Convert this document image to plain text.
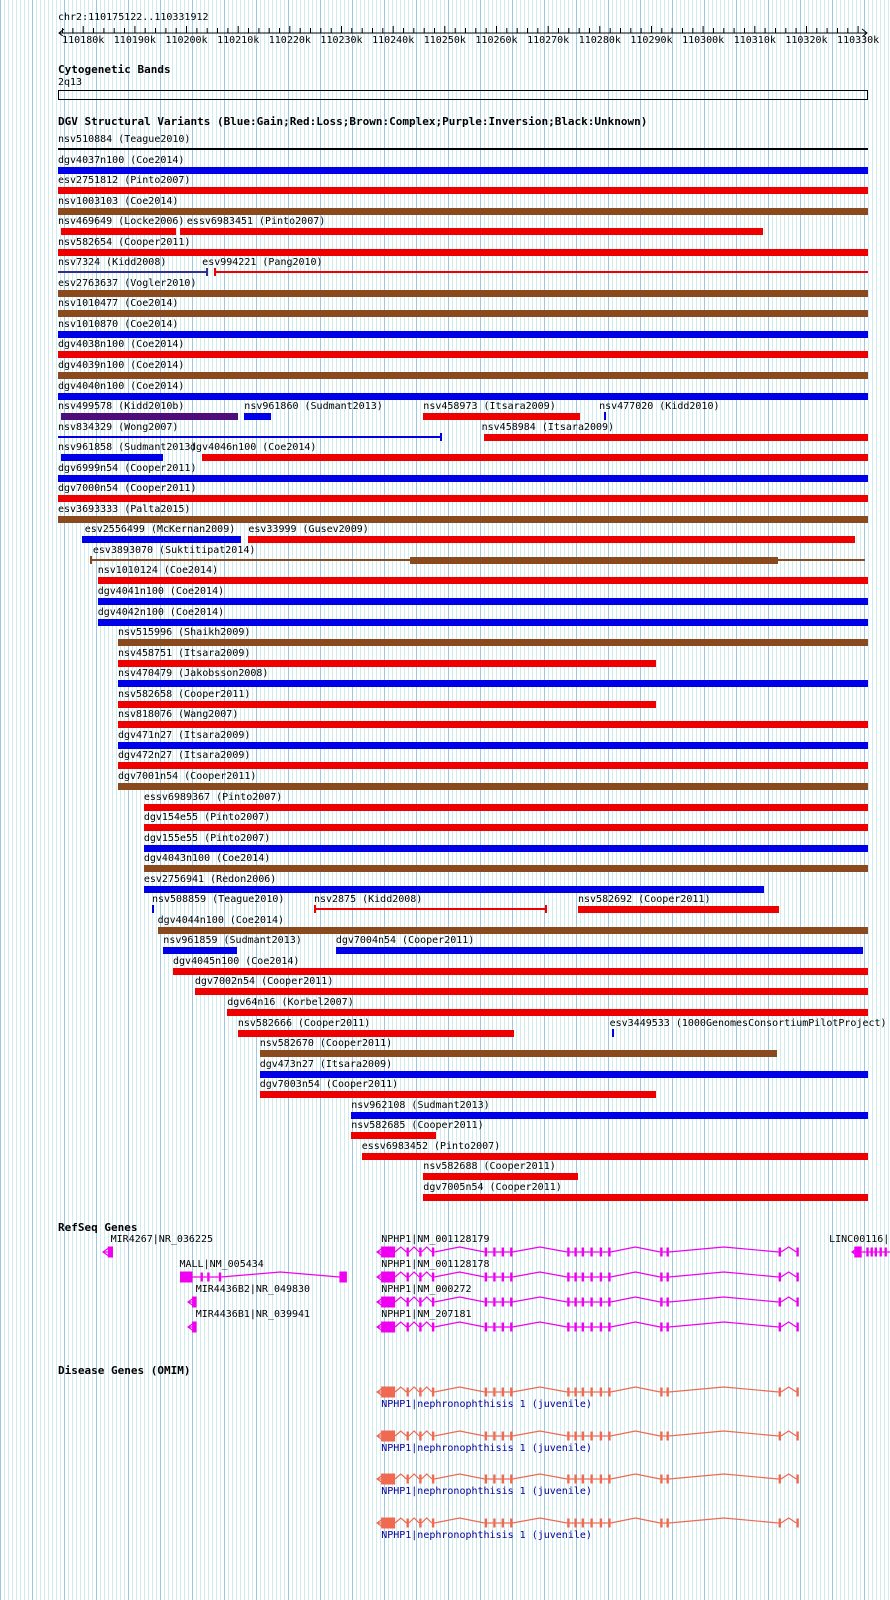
chr2:110175122..110331912
110180k 110190k 110200k 110210k 110220k 110230k 110240k 110250k 110260k 110270k 110280k 110290k 110300k 110310k 110320k 110330k
Cytogenetic Bands
2q13
DGV Structural Variants (Blue:Gain;Red:Loss;Brown:Complex;Purple:Inversion;Black:Unknown)
nsv510884 (Teague2010)
dgv4037n100 (Coe2014)
esv2751812 (Pinto2007)
nsv1003103 (Coe2014)
nsv469649 (Locke2006) essv6983451 (Pinto2007)
nsv582654 (Cooper2011)
nsv7324 (Kidd2008)	esv994221 (Pang2010)
esv2763637 (Vogler2010)
nsv1010477 (Coe2014)
nsv1010870 (Coe2014)
dgv4038n100 (Coe2014)
dgv4039n100 (Coe2014)
dgv4040n100 (Coe2014)
nsv499578 (Kidd2010b)	nsv961860 (Sudmant2013)	nsv458973 (Itsara2009)	nsv477020 (Kidd2010)
nsv834329 (Wong2007)	nsv458984 (Itsara2009)
nsv961858 (Sudmant2013)
dgv4046n100 (Coe2014)
dgv6999n54 (Cooper2011)
dgv7000n54 (Cooper2011)
esv3693333 (Palta2015)
esv2556499 (McKernan2009) esv33999 (Gusev2009)
esv3893070 (Suktitipat2014)
nsv1010124 (Coe2014)
dgv4041n100 (Coe2014)
dgv4042n100 (Coe2014)
nsv515996 (Shaikh2009)
nsv458751 (Itsara2009)
nsv470479 (Jakobsson2008)
nsv582658 (Cooper2011)
nsv818076 (Wang2007)
dgv471n27 (Itsara2009)
dgv472n27 (Itsara2009)
dgv7001n54 (Cooper2011)
essv6989367 (Pinto2007)
dgv154e55 (Pinto2007)
dgv155e55 (Pinto2007)
dgv4043n100 (Coe2014)
esv2756941 (Redon2006)
nsv508859 (Teague2010)	nsv2875 (Kidd2008)	nsv582692 (Cooper2011)
dgv4044n100 (Coe2014)
nsv961859 (Sudmant2013)	dgv7004n54 (Cooper2011)
dgv4045n100 (Coe2014)
dgv7002n54 (Cooper2011)
dgv64n16 (Korbel2007)
nsv582666 (Cooper2011)	esv3449533 (1000GenomesConsortiumPilotProject)
nsv582670 (Cooper2011)
dgv473n27 (Itsara2009)
dgv7003n54 (Cooper2011)
nsv962108 (Sudmant2013)
nsv582685 (Cooper2011)
essv6983452 (Pinto2007)
nsv582688 (Cooper2011)
dgv7005n54 (Cooper2011)
RefSeq Genes
MIR4267|NR_036225	NPHP1|NM_001128179	LINC00116|
MALL|NM_005434	NPHP1|NM_001128178
MIR4436B2|NR_049830	NPHP1|NM_000272
MIR4436B1|NR_039941	NPHP1|NM_207181
Disease Genes (OMIM)
NPHP1|nephronophthisis 1 (juvenile)
NPHP1|nephronophthisis 1 (juvenile)
NPHP1|nephronophthisis 1 (juvenile)
NPHP1|nephronophthisis 1 (juvenile)
